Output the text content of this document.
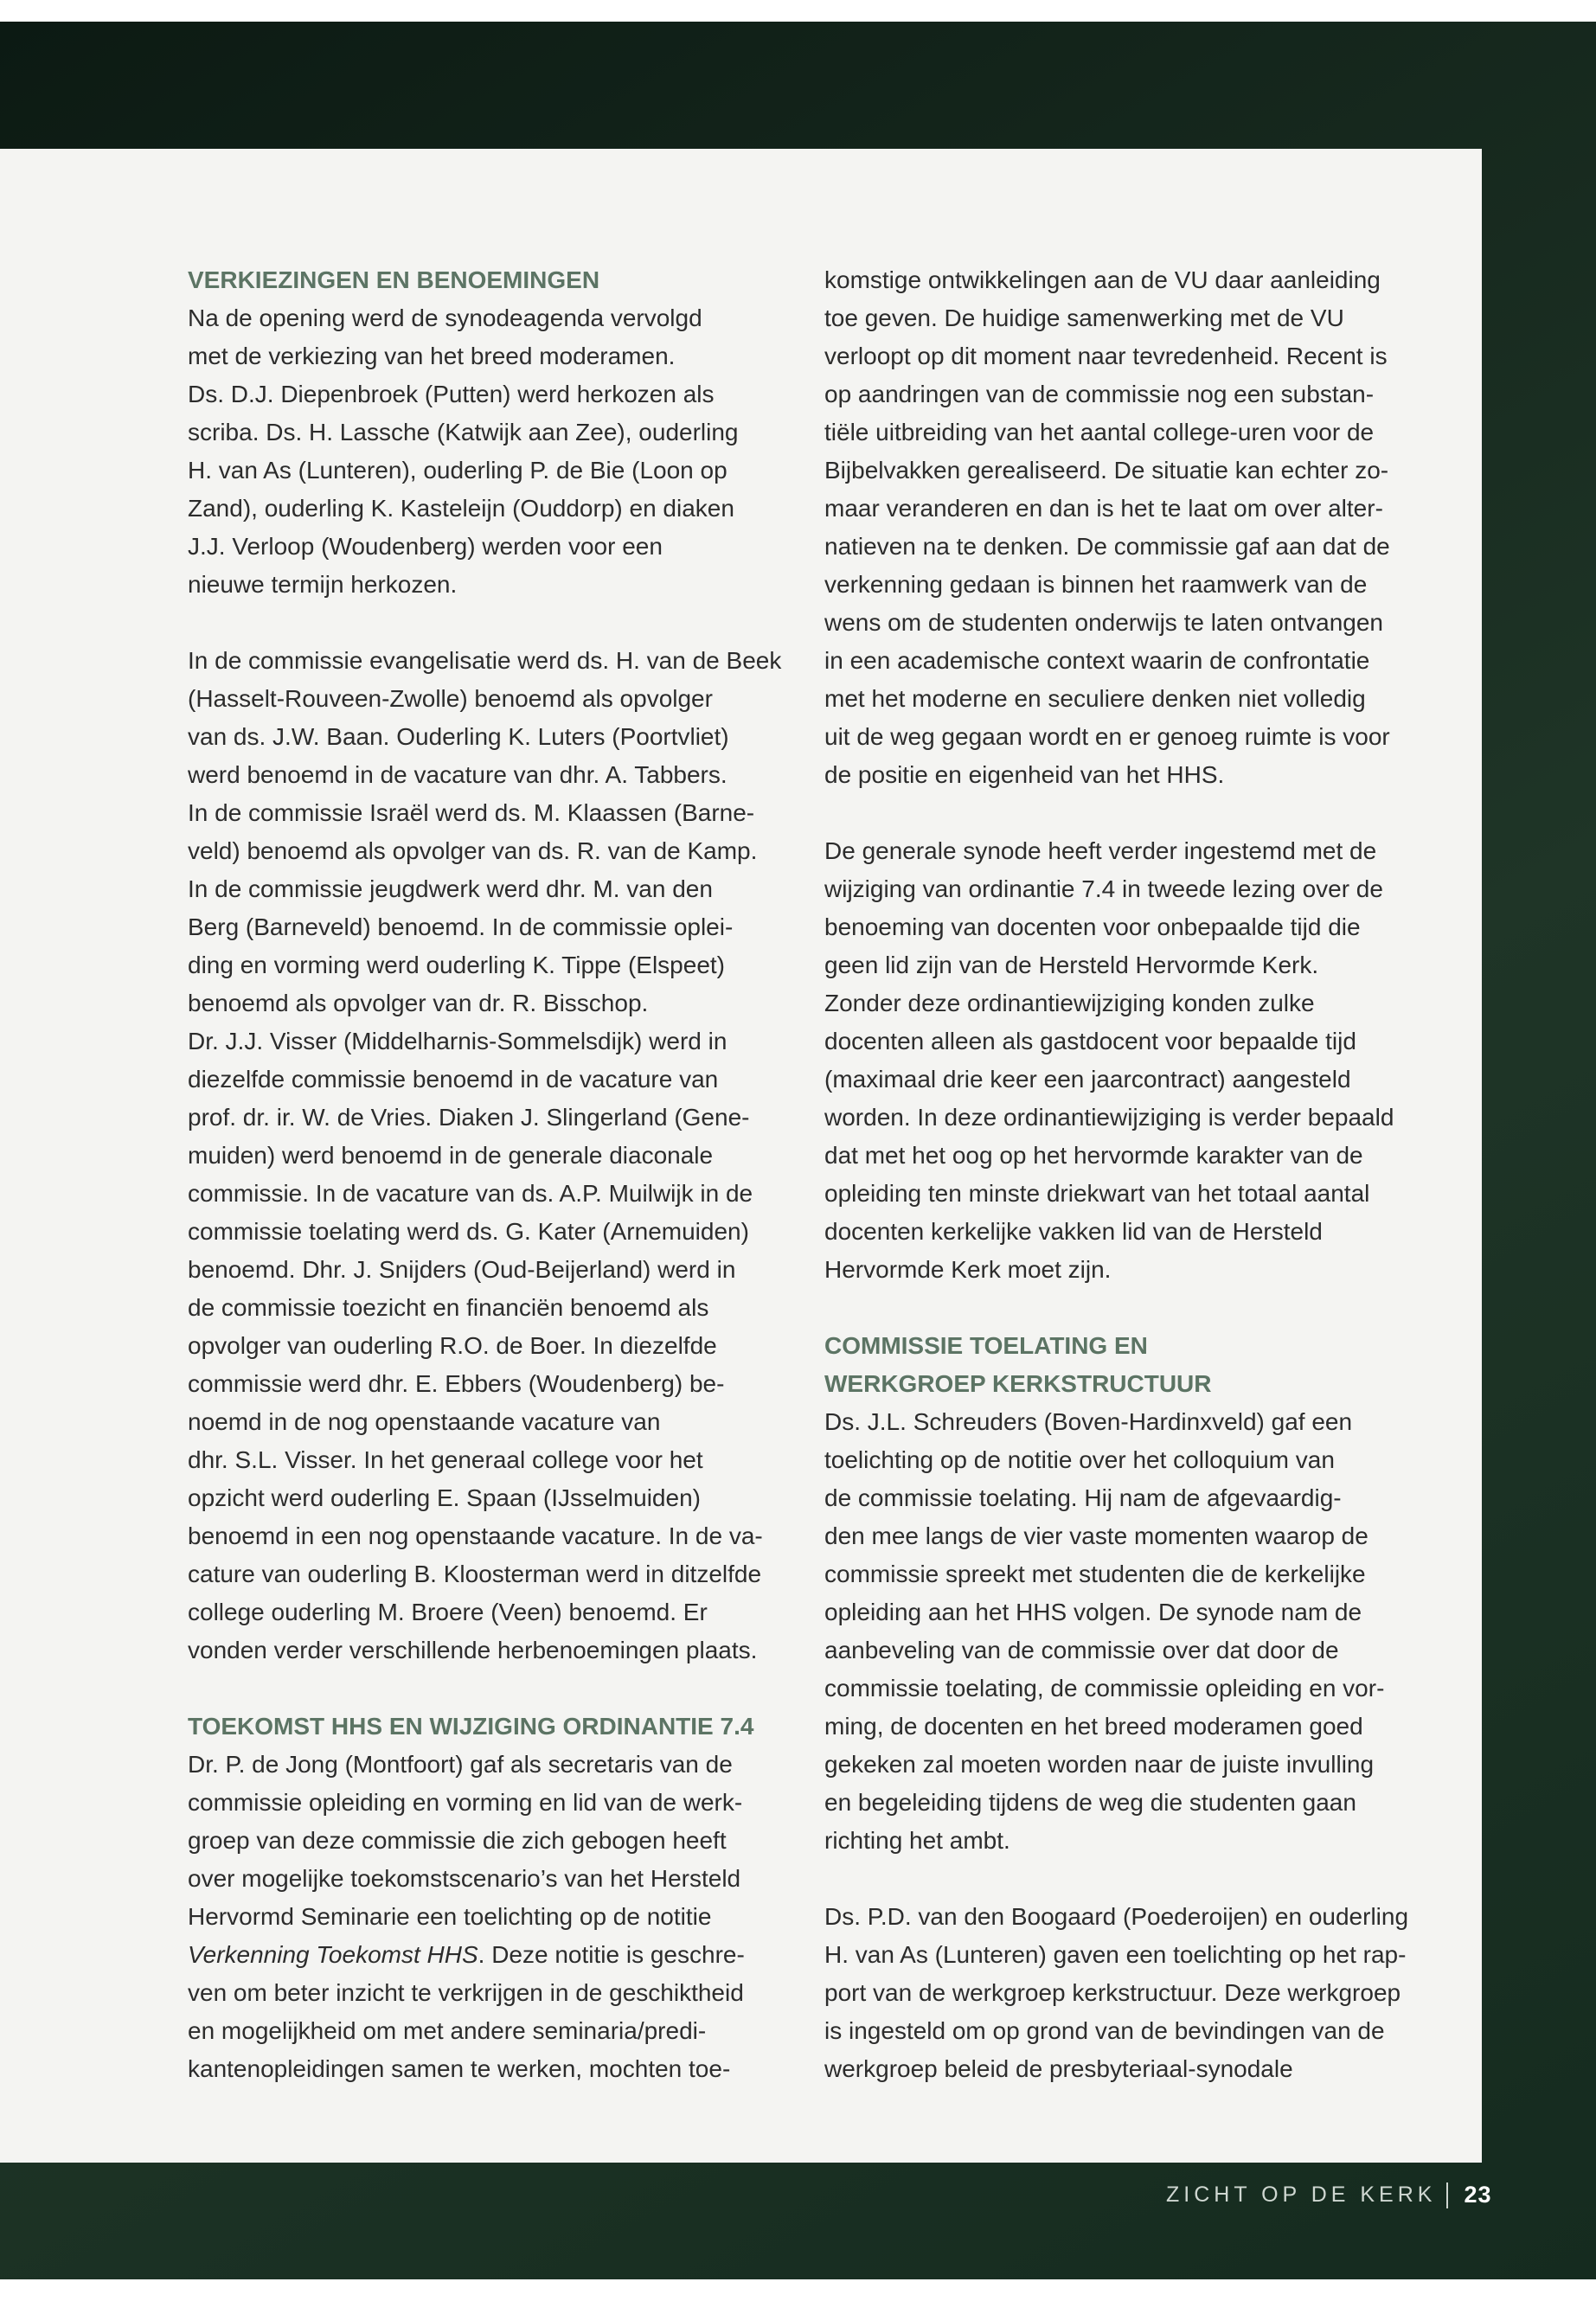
VERKIEZINGEN EN BENOEMINGEN
Na de opening werd de synodeagenda vervolgd
met de verkiezing van het breed moderamen.
Ds. D.J. Diepenbroek (Putten) werd herkozen als
scriba. Ds. H. Lassche (Katwijk aan Zee), ouderling
H. van As (Lunteren), ouderling P. de Bie (Loon op
Zand), ouderling K. Kasteleijn (Ouddorp) en diaken
J.J. Verloop (Woudenberg) werden voor een
nieuwe termijn herkozen.
In de commissie evangelisatie werd ds. H. van de Beek
(Hasselt-Rouveen-Zwolle) benoemd als opvolger
van ds. J.W. Baan. Ouderling K. Luters (Poortvliet)
werd benoemd in de vacature van dhr. A. Tabbers.
In de commissie Israël werd ds. M. Klaassen (Barne-
veld) benoemd als opvolger van ds. R. van de Kamp.
In de commissie jeugdwerk werd dhr. M. van den
Berg (Barneveld) benoemd. In de commissie oplei-
ding en vorming werd ouderling K. Tippe (Elspeet)
benoemd als opvolger van dr. R. Bisschop.
Dr. J.J. Visser (Middelharnis-Sommelsdijk) werd in
diezelfde commissie benoemd in de vacature van
prof. dr. ir. W. de Vries. Diaken J. Slingerland (Gene-
muiden) werd benoemd in de generale diaconale
commissie. In de vacature van ds. A.P. Muilwijk in de
commissie toelating werd ds. G. Kater (Arnemuiden)
benoemd. Dhr. J. Snijders (Oud-Beijerland) werd in
de commissie toezicht en financiën benoemd als
opvolger van ouderling R.O. de Boer. In diezelfde
commissie werd dhr. E. Ebbers (Woudenberg) be-
noemd in de nog openstaande vacature van
dhr. S.L. Visser. In het generaal college voor het
opzicht werd ouderling E. Spaan (IJsselmuiden)
benoemd in een nog openstaande vacature. In de va-
cature van ouderling B. Kloosterman werd in ditzelfde
college ouderling M. Broere (Veen) benoemd. Er
vonden verder verschillende herbenoemingen plaats.
TOEKOMST HHS EN WIJZIGING ORDINANTIE 7.4
Dr. P. de Jong (Montfoort) gaf als secretaris van de
commissie opleiding en vorming en lid van de werk-
groep van deze commissie die zich gebogen heeft
over mogelijke toekomstscenario’s van het Hersteld
Hervormd Seminarie een toelichting op de notitie
Verkenning Toekomst HHS. Deze notitie is geschre-
ven om beter inzicht te verkrijgen in de geschiktheid
en mogelijkheid om met andere seminaria/predi-
kantenopleidingen samen te werken, mochten toe-
komstige ontwikkelingen aan de VU daar aanleiding
toe geven. De huidige samenwerking met de VU
verloopt op dit moment naar tevredenheid. Recent is
op aandringen van de commissie nog een substan-
tiële uitbreiding van het aantal college-uren voor de
Bijbelvakken gerealiseerd. De situatie kan echter zo-
maar veranderen en dan is het te laat om over alter-
natieven na te denken. De commissie gaf aan dat de
verkenning gedaan is binnen het raamwerk van de
wens om de studenten onderwijs te laten ontvangen
in een academische context waarin de confrontatie
met het moderne en seculiere denken niet volledig
uit de weg gegaan wordt en er genoeg ruimte is voor
de positie en eigenheid van het HHS.
De generale synode heeft verder ingestemd met de
wijziging van ordinantie 7.4 in tweede lezing over de
benoeming van docenten voor onbepaalde tijd die
geen lid zijn van de Hersteld Hervormde Kerk.
Zonder deze ordinantiewijziging konden zulke
docenten alleen als gastdocent voor bepaalde tijd
(maximaal drie keer een jaarcontract) aangesteld
worden. In deze ordinantiewijziging is verder bepaald
dat met het oog op het hervormde karakter van de
opleiding ten minste driekwart van het totaal aantal
docenten kerkelijke vakken lid van de Hersteld
Hervormde Kerk moet zijn.
COMMISSIE TOELATING EN
WERKGROEP KERKSTRUCTUUR
Ds. J.L. Schreuders (Boven-Hardinxveld) gaf een
toelichting op de notitie over het colloquium van
de commissie toelating. Hij nam de afgevaardig-
den mee langs de vier vaste momenten waarop de
commissie spreekt met studenten die de kerkelijke
opleiding aan het HHS volgen. De synode nam de
aanbeveling van de commissie over dat door de
commissie toelating, de commissie opleiding en vor-
ming, de docenten en het breed moderamen goed
gekeken zal moeten worden naar de juiste invulling
en begeleiding tijdens de weg die studenten gaan
richting het ambt.
Ds. P.D. van den Boogaard (Poederoijen) en ouderling
H. van As (Lunteren) gaven een toelichting op het rap-
port van de werkgroep kerkstructuur. Deze werkgroep
is ingesteld om op grond van de bevindingen van de
werkgroep beleid de presbyteriaal-synodale
ZICHT OP DE KERK 23
